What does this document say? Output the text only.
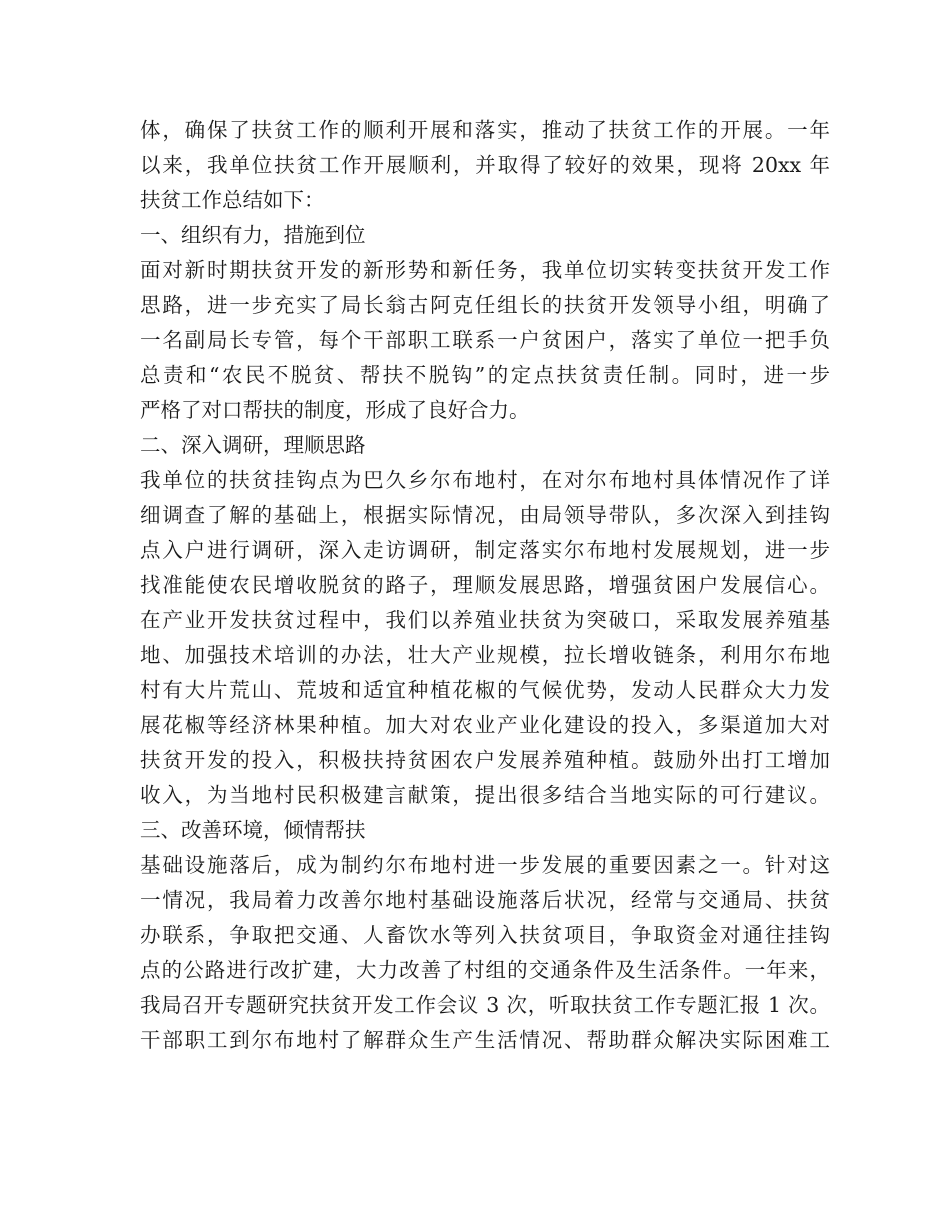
体，确保了扶贫工作的顺利开展和落实，推动了扶贫工作的开展。一年
以来，我单位扶贫工作开展顺利，并取得了较好的效果，现将 20xx 年
扶贫工作总结如下：
一、组织有力，措施到位
面对新时期扶贫开发的新形势和新任务，我单位切实转变扶贫开发工作
思路，进一步充实了局长翁古阿克任组长的扶贫开发领导小组，明确了
一名副局长专管，每个干部职工联系一户贫困户，落实了单位一把手负
总责和“农民不脱贫、帮扶不脱钩”的定点扶贫责任制。同时，进一步
严格了对口帮扶的制度，形成了良好合力。
二、深入调研，理顺思路
我单位的扶贫挂钩点为巴久乡尔布地村，在对尔布地村具体情况作了详
细调查了解的基础上，根据实际情况，由局领导带队，多次深入到挂钩
点入户进行调研，深入走访调研，制定落实尔布地村发展规划，进一步
找准能使农民增收脱贫的路子，理顺发展思路，增强贫困户发展信心。
在产业开发扶贫过程中，我们以养殖业扶贫为突破口，采取发展养殖基
地、加强技术培训的办法，壮大产业规模，拉长增收链条，利用尔布地
村有大片荒山、荒坡和适宜种植花椒的气候优势，发动人民群众大力发
展花椒等经济林果种植。加大对农业产业化建设的投入，多渠道加大对
扶贫开发的投入，积极扶持贫困农户发展养殖种植。鼓励外出打工增加
收入，为当地村民积极建言献策，提出很多结合当地实际的可行建议。
三、改善环境，倾情帮扶
基础设施落后，成为制约尔布地村进一步发展的重要因素之一。针对这
一情况，我局着力改善尔地村基础设施落后状况，经常与交通局、扶贫
办联系，争取把交通、人畜饮水等列入扶贫项目，争取资金对通往挂钩
点的公路进行改扩建，大力改善了村组的交通条件及生活条件。一年来，
我局召开专题研究扶贫开发工作会议 3 次，听取扶贫工作专题汇报 1 次。
干部职工到尔布地村了解群众生产生活情况、帮助群众解决实际困难工
